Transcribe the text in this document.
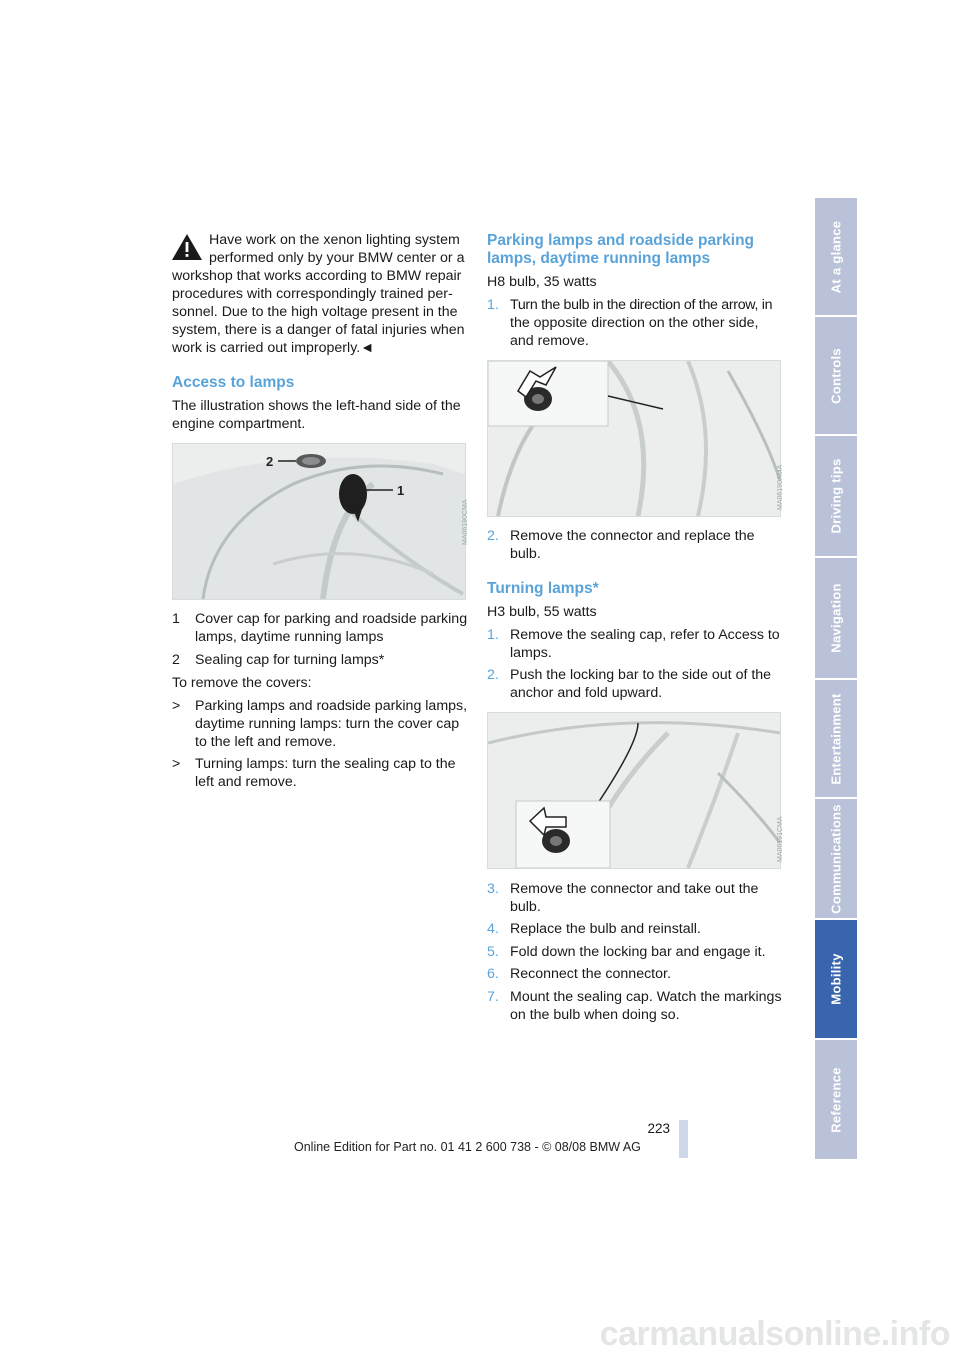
Have work on the xenon lighting system
performed only by your BMW center or a
workshop that works according to BMW repair
procedures with correspondingly trained per-
sonnel. Due to the high voltage present in the
system, there is a danger of fatal injuries when
work is carried out improperly.◄
Access to lamps
The illustration shows the left-hand side of the
engine compartment.
2
1
MA06190CMA
1 Cover cap for parking and roadside parking
lamps, daytime running lamps
2 Sealing cap for turning lamps*
To remove the covers:
> Parking lamps and roadside parking lamps,
daytime running lamps: turn the cover cap
to the left and remove.
> Turning lamps: turn the sealing cap to the
left and remove.
Parking lamps and roadside parking
lamps, daytime running lamps
H8 bulb, 35 watts
1. Turn the bulb in the direction of the arrow, in
the opposite direction on the other side,
and remove.
MA06190AMA
2. Remove the connector and replace the
bulb.
Turning lamps*
H3 bulb, 55 watts
1. Remove the sealing cap, refer to Access to
lamps.
2. Push the locking bar to the side out of the
anchor and fold upward.
MA06191CMA
3. Remove the connector and take out the
bulb.
4. Replace the bulb and reinstall.
5. Fold down the locking bar and engage it.
6. Reconnect the connector.
7. Mount the sealing cap. Watch the markings
on the bulb when doing so.
At a glance
Controls
Driving tips
Navigation
Entertainment
Communications
Mobility
Reference
223
Online Edition for Part no. 01 41 2 600 738 - © 08/08 BMW AG
carmanualsonline.info
